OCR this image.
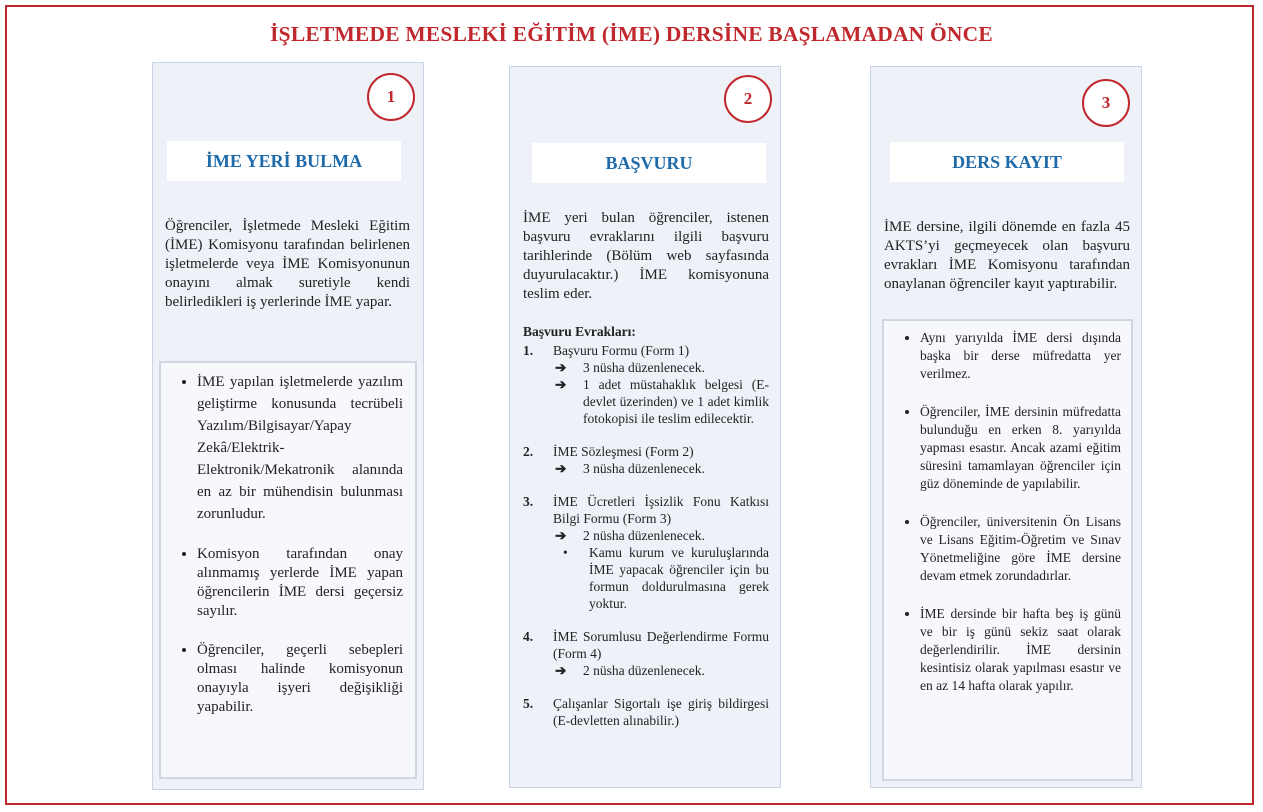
İŞLETMEDE MESLEKİ EĞİTİM (İME) DERSİNE BAŞLAMADAN ÖNCE
1
İME YERİ BULMA
Öğrenciler, İşletmede Mesleki Eğitim (İME) Komisyonu tarafından belirlenen işletmelerde veya İME Komisyonunun onayını almak suretiyle kendi belirledikleri iş yerlerinde İME yapar.
• İME yapılan işletmelerde yazılım geliştirme konusunda tecrübeli Yazılım/Bilgisayar/Yapay Zekâ/Elektrik-Elektronik/Mekatronik alanında en az bir mühendisin bulunması zorunludur.
• Komisyon tarafından onay alınmamış yerlerde İME yapan öğrencilerin İME dersi geçersiz sayılır.
• Öğrenciler, geçerli sebepleri olması halinde komisyonun onayıyla işyeri değişikliği yapabilir.
2
BAŞVURU
İME yeri bulan öğrenciler, istenen başvuru evraklarını ilgili başvuru tarihlerinde (Bölüm web sayfasında duyurulacaktır.) İME komisyonuna teslim eder.
Başvuru Evrakları:
1. Başvuru Formu (Form 1)
➔ 3 nüsha düzenlenecek.
➔ 1 adet müstahaklık belgesi (E-devlet üzerinden) ve 1 adet kimlik fotokopisi ile teslim edilecektir.
2. İME Sözleşmesi (Form 2)
➔ 3 nüsha düzenlenecek.
3. İME Ücretleri İşsizlik Fonu Katkısı Bilgi Formu (Form 3)
➔ 2 nüsha düzenlenecek.
• Kamu kurum ve kuruluşlarında İME yapacak öğrenciler için bu formun doldurulmasına gerek yoktur.
4. İME Sorumlusu Değerlendirme Formu (Form 4)
➔ 2 nüsha düzenlenecek.
5. Çalışanlar Sigortalı işe giriş bildirgesi (E-devletten alınabilir.)
3
DERS KAYIT
İME dersine, ilgili dönemde en fazla 45 AKTS’yi geçmeyecek olan başvuru evrakları İME Komisyonu tarafından onaylanan öğrenciler kayıt yaptırabilir.
• Aynı yarıyılda İME dersi dışında başka bir derse müfredatta yer verilmez.
• Öğrenciler, İME dersinin müfredatta bulunduğu en erken 8. yarıyılda yapması esastır. Ancak azami eğitim süresini tamamlayan öğrenciler için güz döneminde de yapılabilir.
• Öğrenciler, üniversitenin Ön Lisans ve Lisans Eğitim-Öğretim ve Sınav Yönetmeliğine göre İME dersine devam etmek zorundadırlar.
• İME dersinde bir hafta beş iş günü ve bir iş günü sekiz saat olarak değerlendirilir. İME dersinin kesintisiz olarak yapılması esastır ve en az 14 hafta olarak yapılır.
